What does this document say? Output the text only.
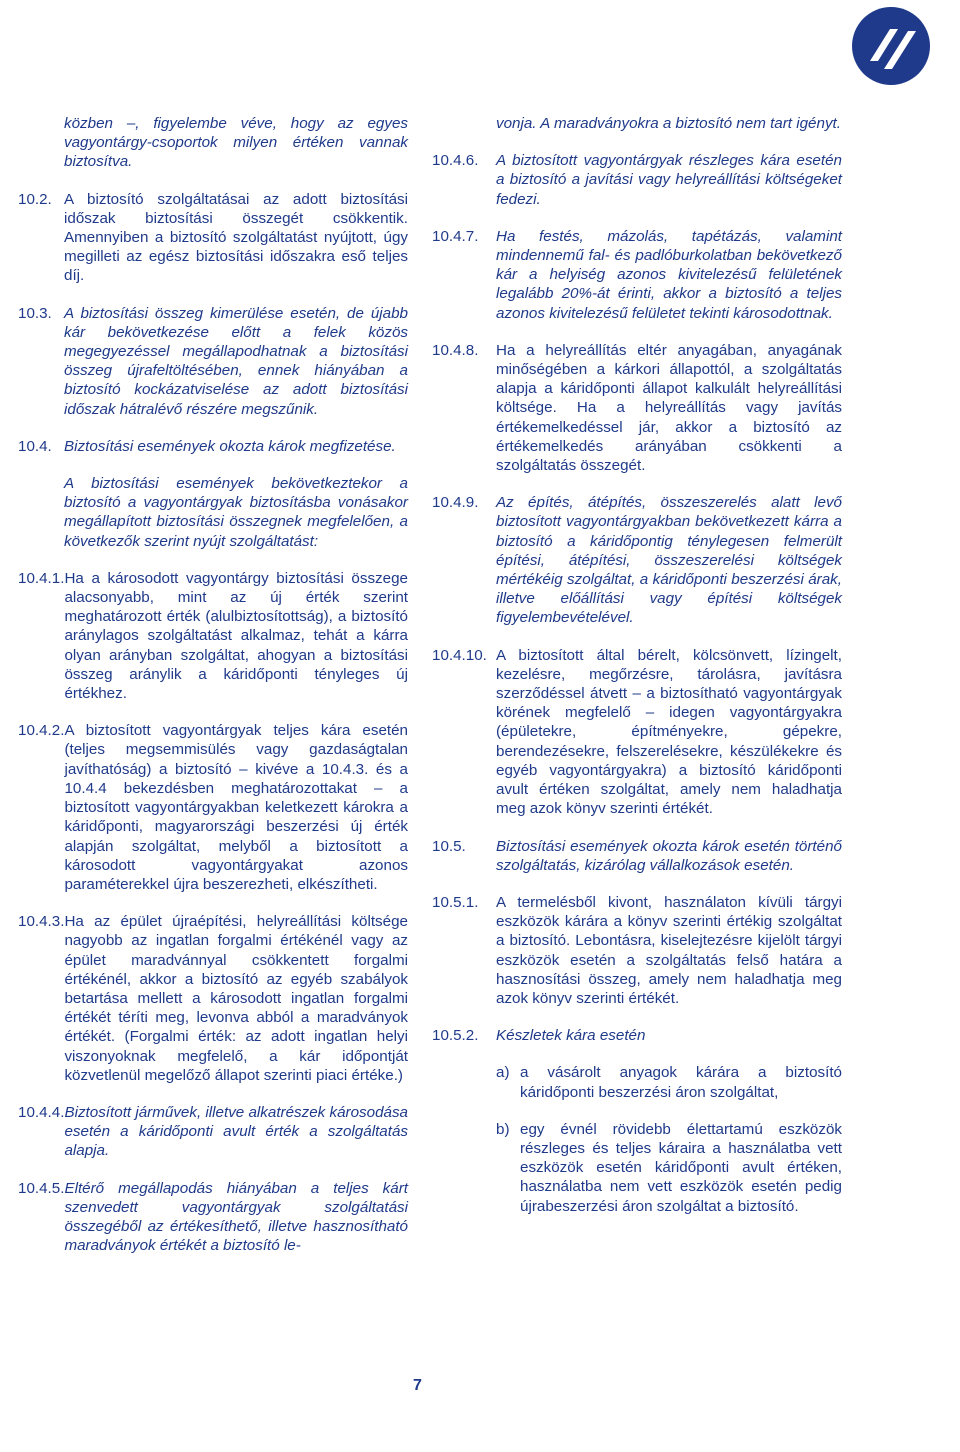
közben –, figyelembe véve, hogy az egyes vagyontárgy-csoportok milyen értéken vannak biztosítva.
10.2. A biztosító szolgáltatásai az adott biztosítási időszak biztosítási összegét csökkentik. Amennyiben a biztosító szolgáltatást nyújtott, úgy megilleti az egész biztosítási időszakra eső teljes díj.
10.3. A biztosítási összeg kimerülése esetén, de újabb kár bekövetkezése előtt a felek közös megegyezéssel megállapodhatnak a biztosítási összeg újrafeltöltésében, ennek hiányában a biztosító kockázatviselése az adott biztosítási időszak hátralévő részére megszűnik.
10.4. Biztosítási események okozta károk megfizetése.
A biztosítási események bekövetkeztekor a biztosító a vagyontárgyak biztosításba vonásakor megállapított biztosítási összegnek megfelelően, a következők szerint nyújt szolgáltatást:
10.4.1. Ha a károsodott vagyontárgy biztosítási összege alacsonyabb, mint az új érték szerint meghatározott érték (alulbiztosítottság), a biztosító aránylagos szolgáltatást alkalmaz, tehát a kárra olyan arányban szolgáltat, ahogyan a biztosítási összeg aránylik a káridőponti tényleges új értékhez.
10.4.2. A biztosított vagyontárgyak teljes kára esetén (teljes megsemmisülés vagy gazdaságtalan javíthatóság) a biztosító – kivéve a 10.4.3. és a 10.4.4 bekezdésben meghatározottakat – a biztosított vagyontárgyakban keletkezett károkra a káridőponti, magyarországi beszerzési új érték alapján szolgáltat, melyből a biztosított a károsodott vagyontárgyakat azonos paraméterekkel újra beszerezheti, elkészítheti.
10.4.3. Ha az épület újraépítési, helyreállítási költsége nagyobb az ingatlan forgalmi értékénél vagy az épület maradvánnyal csökkentett forgalmi értékénél, akkor a biztosító az egyéb szabályok betartása mellett a károsodott ingatlan forgalmi értékét téríti meg, levonva abból a maradványok értékét. (Forgalmi érték: az adott ingatlan helyi viszonyoknak megfelelő, a kár időpontját közvetlenül megelőző állapot szerinti piaci értéke.)
10.4.4. Biztosított járművek, illetve alkatrészek károsodása esetén a káridőponti avult érték a szolgáltatás alapja.
10.4.5. Eltérő megállapodás hiányában a teljes kárt szenvedett vagyontárgyak szolgáltatási összegéből az értékesíthető, illetve hasznosítható maradványok értékét a biztosító le-
vonja. A maradványokra a biztosító nem tart igényt.
10.4.6.	A biztosított vagyontárgyak részleges kára esetén a biztosító a javítási vagy helyreállítási költségeket fedezi.
10.4.7.	Ha festés, mázolás, tapétázás, valamint mindennemű fal- és padlóburkolatban bekövetkező kár a helyiség azonos kivitelezésű felületének legalább 20%-át érinti, akkor a biztosító a teljes azonos kivitelezésű felületet tekinti károsodottnak.
10.4.8.	Ha a helyreállítás eltér anyagában, anyagának minőségében a kárkori állapottól, a szolgáltatás alapja a káridőponti állapot kalkulált helyreállítási költsége. Ha a helyreállítás vagy javítás értékemelkedéssel jár, akkor a biztosító az értékemelkedés arányában csökkenti a szolgáltatás összegét.
10.4.9.	Az építés, átépítés, összeszerelés alatt levő biztosított vagyontárgyakban bekövetkezett kárra a biztosító a káridőpontig ténylegesen felmerült építési, átépítési, összeszerelési költségek mértékéig szolgáltat, a káridőponti beszerzési árak, illetve előállítási vagy építési költségek figyelembevételével.
10.4.10. A biztosított által bérelt, kölcsönvett, lízingelt, kezelésre, megőrzésre, tárolásra, javításra szerződéssel átvett – a biztosítható vagyontárgyak körének megfelelő – idegen vagyontárgyakra (épületekre, építményekre, gépekre, berendezésekre, felszerelésekre, készülékekre és egyéb vagyontárgyakra) a biztosító káridőponti avult értéken szolgáltat, amely nem haladhatja meg azok könyv szerinti értékét.
10.5.	Biztosítási események okozta károk esetén történő szolgáltatás, kizárólag vállalkozások esetén.
10.5.1.	A termelésből kivont, használaton kívüli tárgyi eszközök kárára a könyv szerinti értékig szolgáltat a biztosító. Lebontásra, kiselejtezésre kijelölt tárgyi eszközök esetén a szolgáltatás felső határa a hasznosítási összeg, amely nem haladhatja meg azok könyv szerinti értékét.
10.5.2.	Készletek kára esetén
a) a vásárolt anyagok kárára a biztosító káridőponti beszerzési áron szolgáltat,
b) egy évnél rövidebb élettartamú eszközök részleges és teljes káraira a használatba vett eszközök esetén káridőponti avult értéken, használatba nem vett eszközök esetén pedig újrabeszerzési áron szolgáltat a biztosító.
7
